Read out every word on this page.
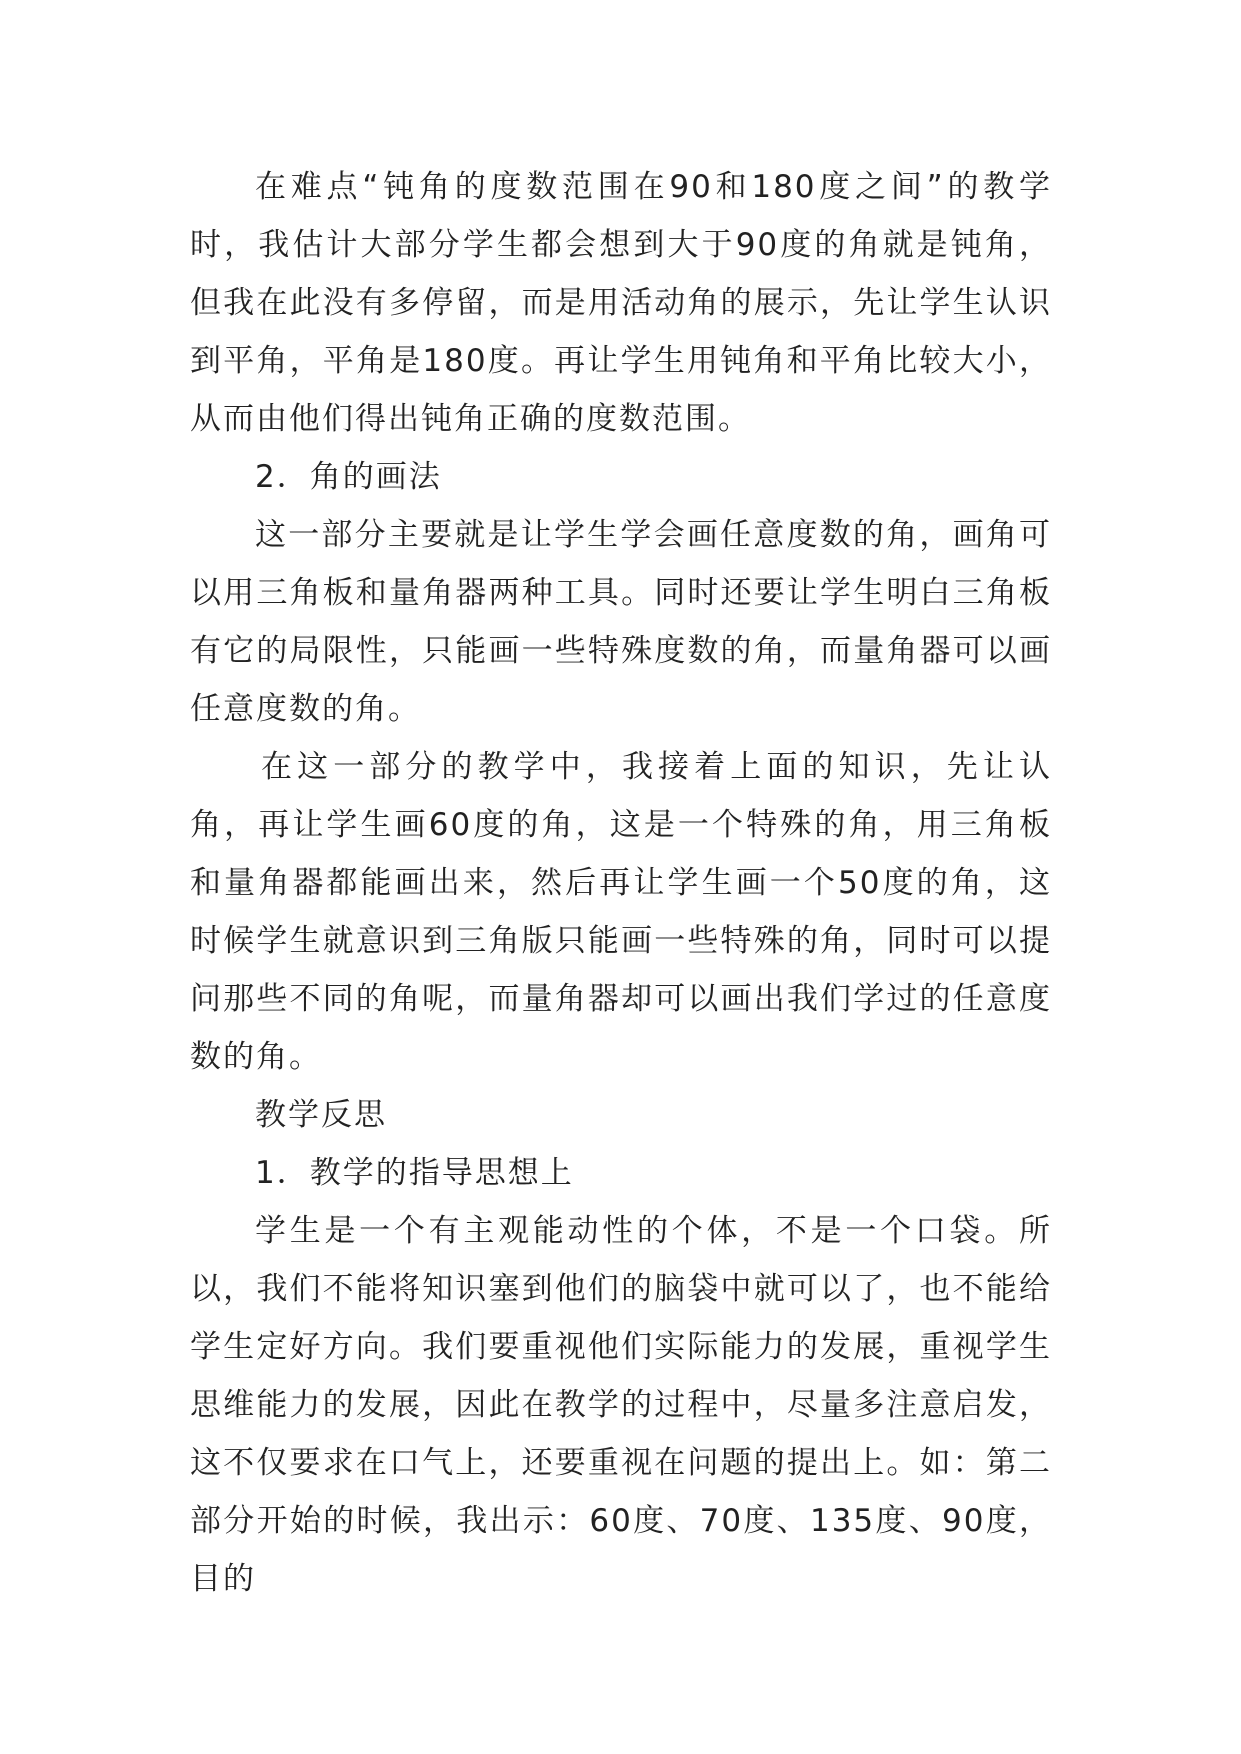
在难点“钝角的度数范围在90和180度之间”的教学时，我估计大部分学生都会想到大于90度的角就是钝角，但我在此没有多停留，而是用活动角的展示，先让学生认识到平角，平角是180度。再让学生用钝角和平角比较大小，从而由他们得出钝角正确的度数范围。

2．角的画法

这一部分主要就是让学生学会画任意度数的角，画角可以用三角板和量角器两种工具。同时还要让学生明白三角板有它的局限性，只能画一些特殊度数的角，而量角器可以画任意度数的角。

在这一部分的教学中，我接着上面的知识，先让认角，再让学生画60度的角，这是一个特殊的角，用三角板和量角器都能画出来，然后再让学生画一个50度的角，这时候学生就意识到三角版只能画一些特殊的角，同时可以提问那些不同的角呢，而量角器却可以画出我们学过的任意度数的角。

教学反思

1．教学的指导思想上

学生是一个有主观能动性的个体，不是一个口袋。所以，我们不能将知识塞到他们的脑袋中就可以了，也不能给学生定好方向。我们要重视他们实际能力的发展，重视学生思维能力的发展，因此在教学的过程中，尽量多注意启发，这不仅要求在口气上，还要重视在问题的提出上。如：第二部分开始的时候，我出示：60度、70度、135度、90度，目的
